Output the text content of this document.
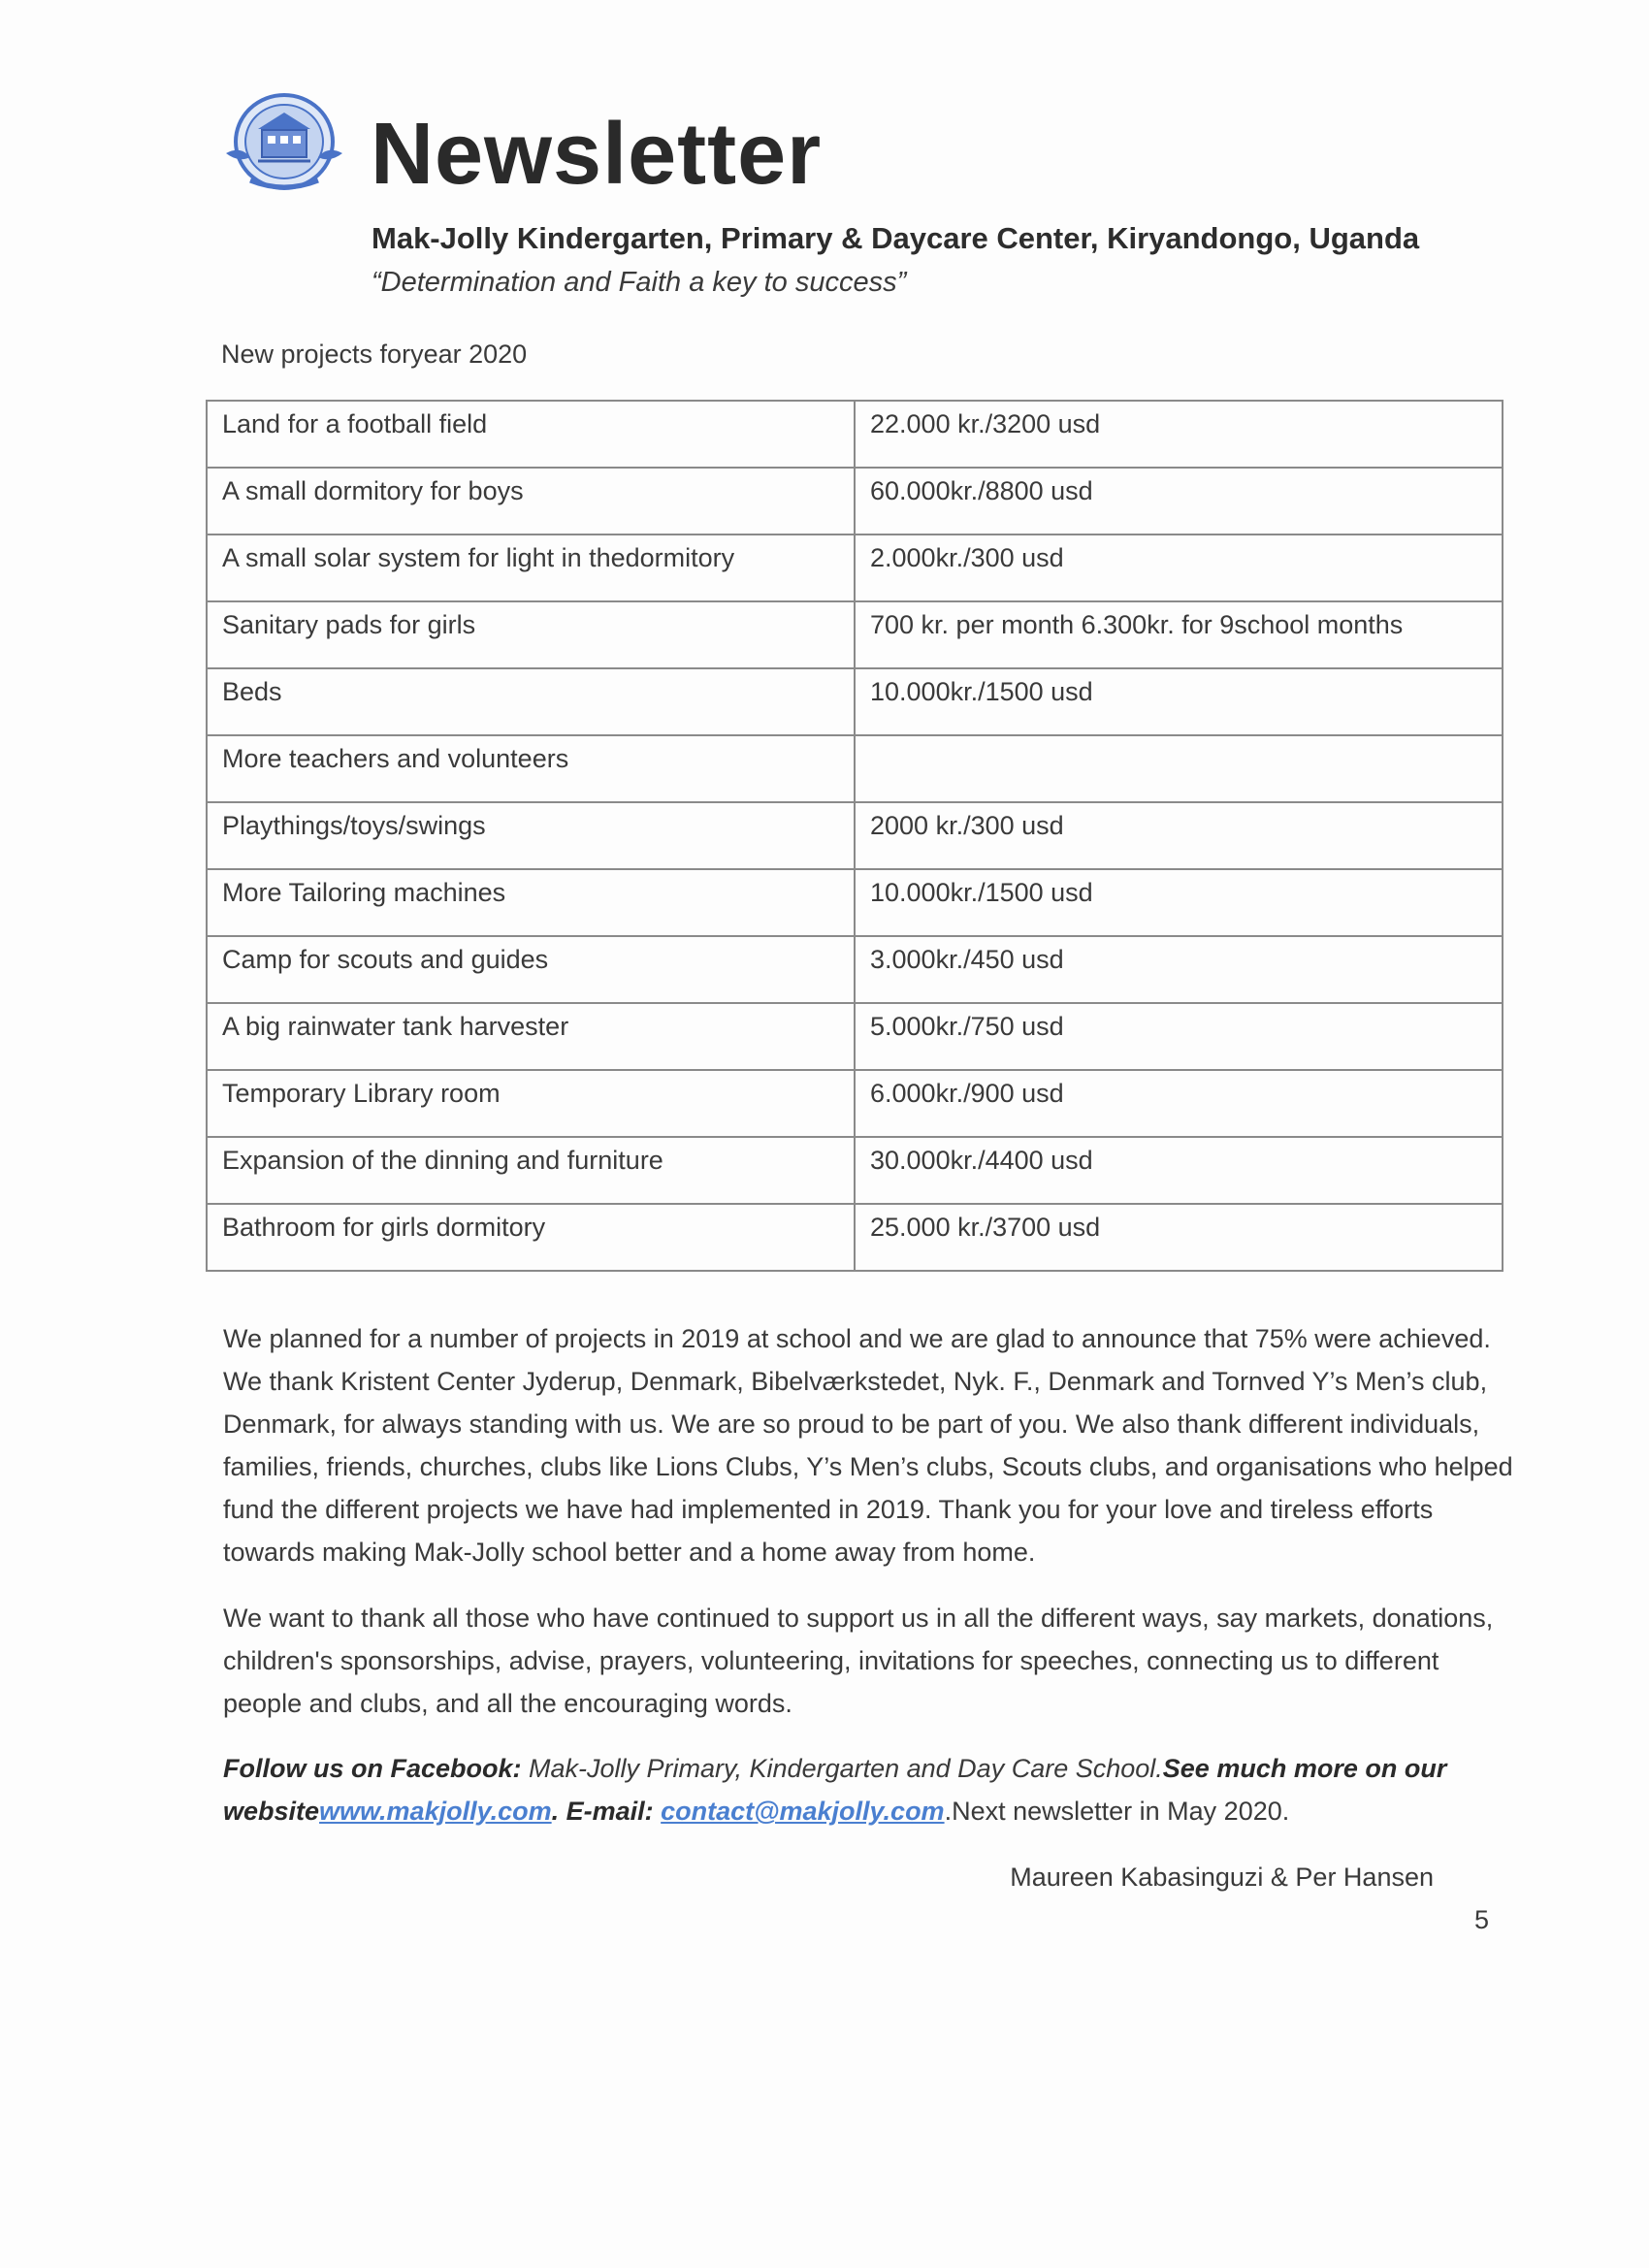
Newsletter
Mak-Jolly Kindergarten, Primary & Daycare Center, Kiryandongo, Uganda
“Determination and Faith a key to success”
New projects foryear 2020
Land for a football field	22.000 kr./3200 usd
A small dormitory for boys	60.000kr./8800 usd
A small solar system for light in thedormitory	2.000kr./300 usd
Sanitary pads for girls	700 kr. per month 6.300kr. for 9school months
Beds	10.000kr./1500 usd
More teachers and volunteers	
Playthings/toys/swings	2000 kr./300 usd
More Tailoring machines	10.000kr./1500 usd
Camp for scouts and guides	3.000kr./450 usd
A big rainwater tank harvester	5.000kr./750 usd
Temporary Library room	6.000kr./900 usd
Expansion of the dinning and furniture	30.000kr./4400 usd
Bathroom for girls dormitory	25.000 kr./3700 usd

We planned for a number of projects in 2019 at school and we are glad to announce that 75% were achieved. We thank Kristent Center Jyderup, Denmark, Bibelværkstedet, Nyk. F., Denmark and Tornved Y’s Men’s club, Denmark, for always standing with us. We are so proud to be part of you. We also thank different individuals, families, friends, churches, clubs like Lions Clubs, Y’s Men’s clubs, Scouts clubs, and organisations who helped fund the different projects we have had implemented in 2019. Thank you for your love and tireless efforts towards making Mak-Jolly school better and a home away from home.

We want to thank all those who have continued to support us in all the different ways, say markets, donations, children's sponsorships, advise, prayers, volunteering, invitations for speeches, connecting us to different people and clubs, and all the encouraging words.

Follow us on Facebook: Mak-Jolly Primary, Kindergarten and Day Care School.See much more on our websitewww.makjolly.com. E-mail: contact@makjolly.com.Next newsletter in May 2020.

Maureen Kabasinguzi & Per Hansen
5
